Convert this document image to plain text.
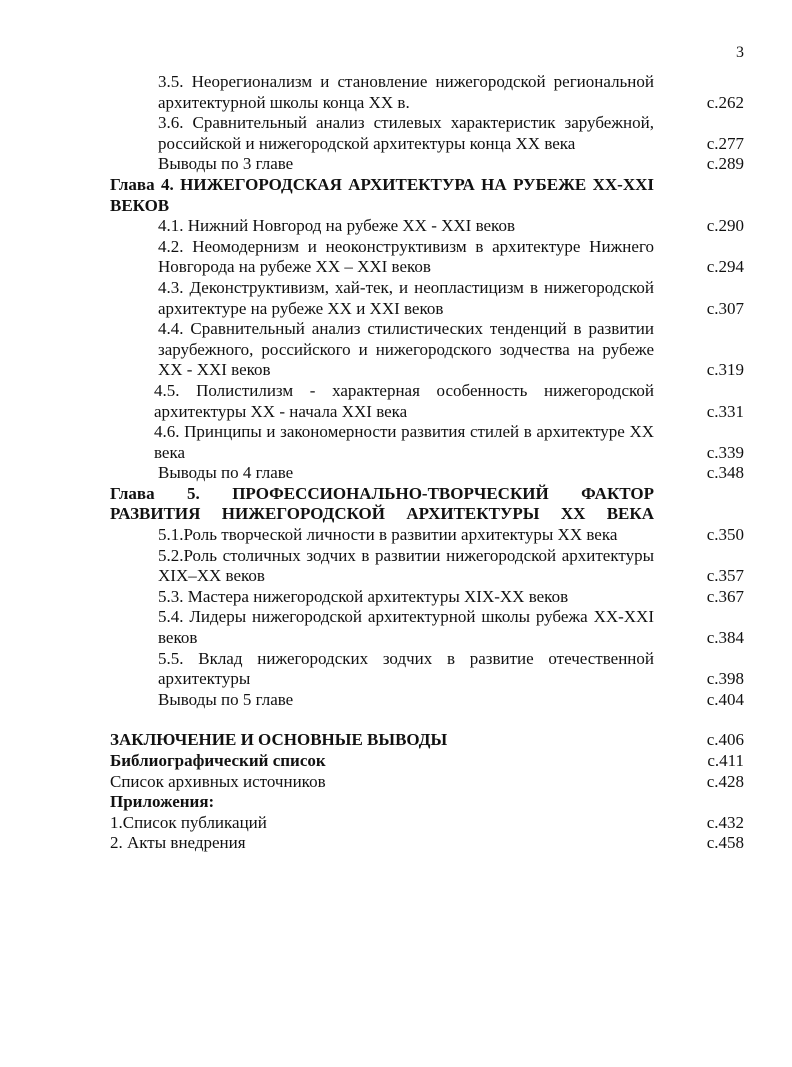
3
3.5. Неорегионализм и становление нижегородской региональной архитектурной школы конца XX в.	с.262
3.6. Сравнительный анализ стилевых характеристик зарубежной, российской и нижегородской архитектуры конца XX века	с.277
Выводы по 3 главе	с.289
Глава 4. НИЖЕГОРОДСКАЯ АРХИТЕКТУРА НА РУБЕЖЕ XX-XXI ВЕКОВ
4.1. Нижний Новгород на рубеже XX - XXI веков	с.290
4.2. Неомодернизм и неоконструктивизм в архитектуре Нижнего Новгорода на рубеже XX – XXI веков	с.294
4.3. Деконструктивизм, хай-тек, и неопластицизм в нижегородской архитектуре на рубеже XX и XXI веков	с.307
4.4. Сравнительный анализ стилистических тенденций в развитии зарубежного, российского и нижегородского зодчества на рубеже XX - XXI веков	с.319
4.5. Полистилизм - характерная особенность нижегородской архитектуры XX - начала XXI века	с.331
4.6. Принципы и закономерности развития стилей в архитектуре XX века	с.339
Выводы по 4 главе	с.348
Глава 5. ПРОФЕССИОНАЛЬНО-ТВОРЧЕСКИЙ ФАКТОР РАЗВИТИЯ НИЖЕГОРОДСКОЙ АРХИТЕКТУРЫ XX ВЕКА
5.1.Роль творческой личности в развитии архитектуры XX века	с.350
5.2.Роль столичных зодчих в развитии нижегородской архитектуры XIX–XX веков	с.357
5.3. Мастера нижегородской архитектуры XIX-XX веков	с.367
5.4. Лидеры нижегородской архитектурной школы рубежа XX-XXI веков	с.384
5.5. Вклад нижегородских зодчих в развитие отечественной архитектуры	с.398
Выводы по 5 главе	с.404
ЗАКЛЮЧЕНИЕ И ОСНОВНЫЕ ВЫВОДЫ	с.406
Библиографический список	с.411
Список архивных источников	с.428
Приложения:
1.Список публикаций	с.432
2. Акты внедрения	с.458
